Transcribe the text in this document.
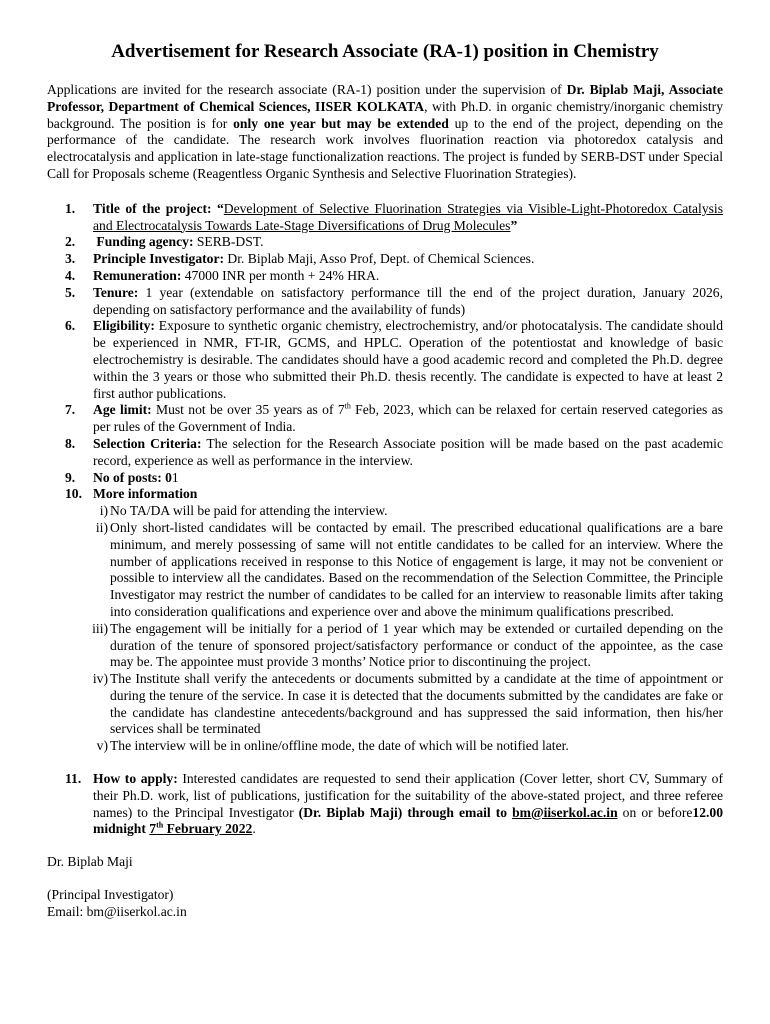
Advertisement for Research Associate (RA-1) position in Chemistry

Applications are invited for the research associate (RA-1) position under the supervision of Dr. Biplab Maji, Associate Professor, Department of Chemical Sciences, IISER KOLKATA, with Ph.D. in organic chemistry/inorganic chemistry background. The position is for only one year but may be extended up to the end of the project, depending on the performance of the candidate. The research work involves fluorination reaction via photoredox catalysis and electrocatalysis and application in late-stage functionalization reactions. The project is funded by SERB-DST under Special Call for Proposals scheme (Reagentless Organic Synthesis and Selective Fluorination Strategies).

1. Title of the project: “Development of Selective Fluorination Strategies via Visible-Light-Photoredox Catalysis and Electrocatalysis Towards Late-Stage Diversifications of Drug Molecules”
2. Funding agency: SERB-DST.
3. Principle Investigator: Dr. Biplab Maji, Asso Prof, Dept. of Chemical Sciences.
4. Remuneration: 47000 INR per month + 24% HRA.
5. Tenure: 1 year (extendable on satisfactory performance till the end of the project duration, January 2026, depending on satisfactory performance and the availability of funds)
6. Eligibility: Exposure to synthetic organic chemistry, electrochemistry, and/or photocatalysis. The candidate should be experienced in NMR, FT-IR, GCMS, and HPLC. Operation of the potentiostat and knowledge of basic electrochemistry is desirable. The candidates should have a good academic record and completed the Ph.D. degree within the 3 years or those who submitted their Ph.D. thesis recently. The candidate is expected to have at least 2 first author publications.
7. Age limit: Must not be over 35 years as of 7th Feb, 2023, which can be relaxed for certain reserved categories as per rules of the Government of India.
8. Selection Criteria: The selection for the Research Associate position will be made based on the past academic record, experience as well as performance in the interview.
9. No of posts: 01
10. More information
i) No TA/DA will be paid for attending the interview.
ii) Only short-listed candidates will be contacted by email. The prescribed educational qualifications are a bare minimum, and merely possessing of same will not entitle candidates to be called for an interview. Where the number of applications received in response to this Notice of engagement is large, it may not be convenient or possible to interview all the candidates. Based on the recommendation of the Selection Committee, the Principle Investigator may restrict the number of candidates to be called for an interview to reasonable limits after taking into consideration qualifications and experience over and above the minimum qualifications prescribed.
iii) The engagement will be initially for a period of 1 year which may be extended or curtailed depending on the duration of the tenure of sponsored project/satisfactory performance or conduct of the appointee, as the case may be. The appointee must provide 3 months’ Notice prior to discontinuing the project.
iv) The Institute shall verify the antecedents or documents submitted by a candidate at the time of appointment or during the tenure of the service. In case it is detected that the documents submitted by the candidates are fake or the candidate has clandestine antecedents/background and has suppressed the said information, then his/her services shall be terminated
v) The interview will be in online/offline mode, the date of which will be notified later.
11. How to apply: Interested candidates are requested to send their application (Cover letter, short CV, Summary of their Ph.D. work, list of publications, justification for the suitability of the above-stated project, and three referee names) to the Principal Investigator (Dr. Biplab Maji) through email to bm@iiserkol.ac.in on or before12.00 midnight 7th February 2022.

Dr. Biplab Maji

(Principal Investigator)

Email: bm@iiserkol.ac.in
